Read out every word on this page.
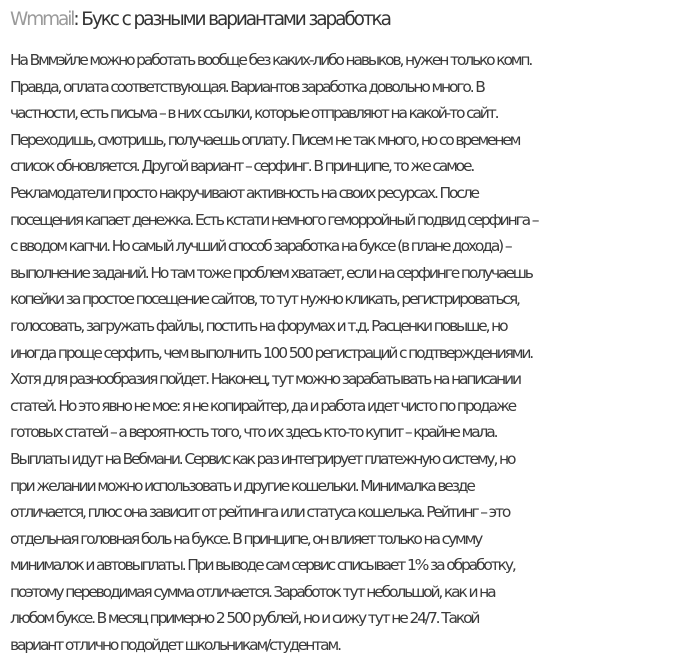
Wmmail: Букс с разными вариантами заработка

На Вммэйле можно работать вообще без каких-либо навыков, нужен только комп.
Правда, оплата соответствующая. Вариантов заработка довольно много. В
частности, есть письма – в них ссылки, которые отправляют на какой-то сайт.
Переходишь, смотришь, получаешь оплату. Писем не так много, но со временем
список обновляется. Другой вариант – серфинг. В принципе, то же самое.
Рекламодатели просто накручивают активность на своих ресурсах. После
посещения капает денежка. Есть кстати немного геморройный подвид серфинга –
с вводом капчи. Но самый лучший способ заработка на буксе (в плане дохода) –
выполнение заданий. Но там тоже проблем хватает, если на серфинге получаешь
копейки за простое посещение сайтов, то тут нужно кликать, регистрироваться,
голосовать, загружать файлы, постить на форумах и т.д. Расценки повыше, но
иногда проще серфить, чем выполнить 100 500 регистраций с подтверждениями.
Хотя для разнообразия пойдет. Наконец, тут можно зарабатывать на написании
статей. Но это явно не мое: я не копирайтер, да и работа идет чисто по продаже
готовых статей – а вероятность того, что их здесь кто-то купит – крайне мала.
Выплаты идут на Вебмани. Сервис как раз интегрирует платежную систему, но
при желании можно использовать и другие кошельки. Минималка везде
отличается, плюс она зависит от рейтинга или статуса кошелька. Рейтинг – это
отдельная головная боль на буксе. В принципе, он влияет только на сумму
минималок и автовыплаты. При выводе сам сервис списывает 1% за обработку,
поэтому переводимая сумма отличается. Заработок тут небольшой, как и на
любом буксе. В месяц примерно 2 500 рублей, но и сижу тут не 24/7. Такой
вариант отлично подойдет школьникам/студентам.
